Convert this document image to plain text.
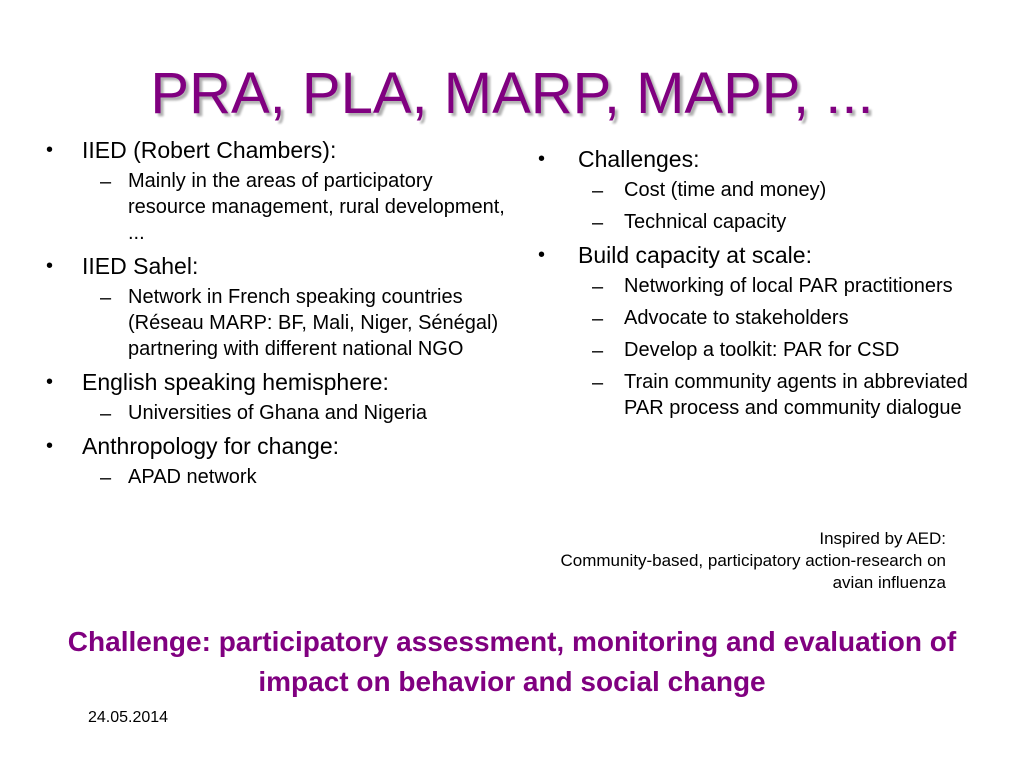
PRA, PLA, MARP, MAPP, ...
•	IIED (Robert Chambers):
– Mainly in the areas of participatory resource management, rural development, ...
•	IIED Sahel:
– Network in French speaking countries (Réseau MARP: BF, Mali, Niger, Sénégal) partnering with different national NGO
•	English speaking hemisphere:
– Universities of Ghana and Nigeria
•	Anthropology for change:
– APAD network
•	Challenges:
–	Cost (time and money)
–	Technical capacity
•	Build capacity at scale:
–	Networking of local PAR practitioners
–	Advocate to stakeholders
–	Develop a toolkit: PAR for CSD
–	Train community agents in abbreviated PAR process and community dialogue
Inspired by AED:
Community-based, participatory action-research on avian influenza
Challenge: participatory assessment, monitoring and evaluation of impact on behavior and social change
24.05.2014
